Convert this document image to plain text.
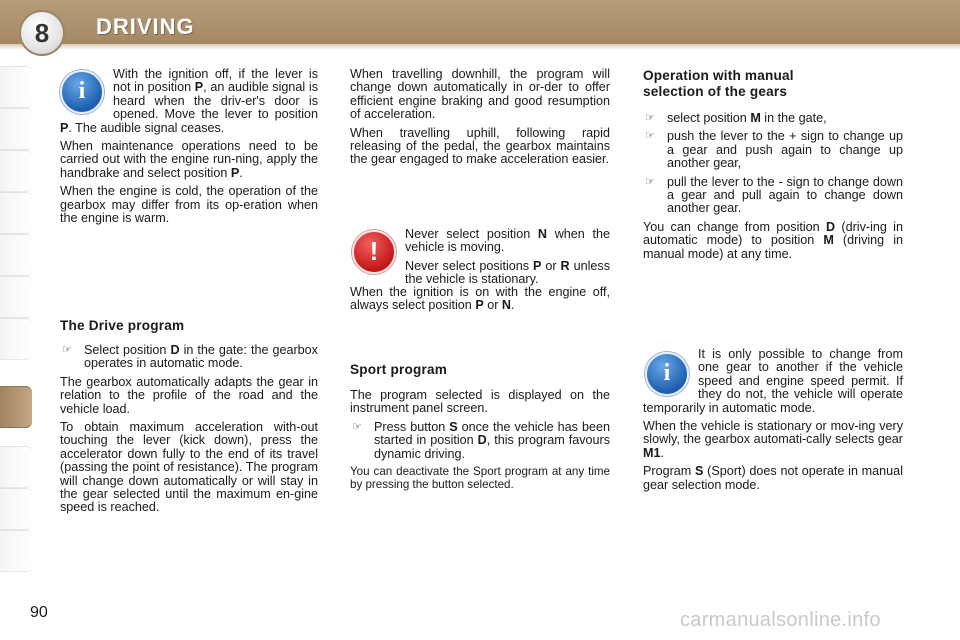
8	DRIVING
i

With the ignition off, if the lever is not in position P, an audible signal is heard when the driv-er's door is opened. Move the lever to position P. The audible signal ceases.

When maintenance operations need to be carried out with the engine run-ning, apply the handbrake and select position P.

When the engine is cold, the operation of the gearbox may differ from its op-eration when the engine is warm.

The Drive program
☞ Select position D in the gate: the gearbox operates in automatic mode.

The gearbox automatically adapts the gear in relation to the profile of the road and the vehicle load.

To obtain maximum acceleration with-out touching the lever (kick down), press the accelerator down fully to the end of its travel (passing the point of resistance). The program will change down automatically or will stay in the gear selected until the maximum en-gine speed is reached.

When travelling downhill, the program will change down automatically in or-der to offer efficient engine braking and good resumption of acceleration.

When travelling uphill, following rapid releasing of the pedal, the gearbox maintains the gear engaged to make acceleration easier.

!

Never select position N when the vehicle is moving.

Never select positions P or R unless the vehicle is stationary.

When the ignition is on with the engine off, always select position P or N.

Sport program

The program selected is displayed on the instrument panel screen.

☞ Press button S once the vehicle has been started in position D, this program favours dynamic driving.

You can deactivate the Sport program at any time by pressing the button selected.

Operation with manual
selection of the gears
☞ select position M in the gate,
☞ push the lever to the + sign to change up a gear and push again to change up another gear,
☞ pull the lever to the - sign to change down a gear and pull again to change down another gear.

You can change from position D (driv-ing in automatic mode) to position M (driving in manual mode) at any time.

i

It is only possible to change from one gear to another if the vehicle speed and engine speed permit. If they do not, the vehicle will operate temporarily in automatic mode.

When the vehicle is stationary or mov-ing very slowly, the gearbox automati-cally selects gear M1.

Program S (Sport) does not operate in manual gear selection mode.

90	carmanualsonline.info
